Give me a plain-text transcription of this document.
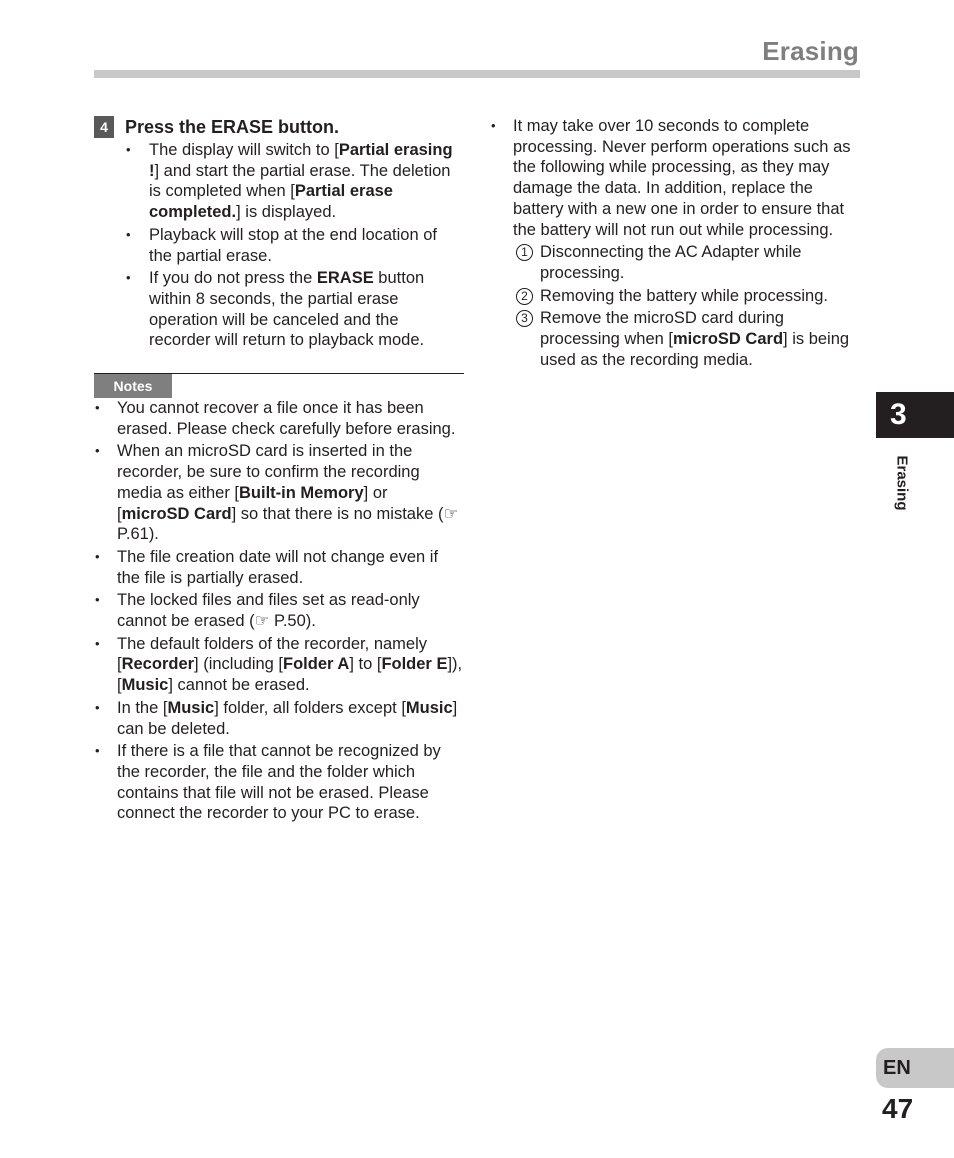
Erasing
4 Press the ERASE button.
• The display will switch to [Partial erasing !] and start the partial erase. The deletion is completed when [Partial erase completed.] is displayed.
• Playback will stop at the end location of the partial erase.
• If you do not press the ERASE button within 8 seconds, the partial erase operation will be canceled and the recorder will return to playback mode.
Notes
• You cannot recover a file once it has been erased. Please check carefully before erasing.
• When an microSD card is inserted in the recorder, be sure to confirm the recording media as either [Built-in Memory] or [microSD Card] so that there is no mistake (☞ P.61).
• The file creation date will not change even if the file is partially erased.
• The locked files and files set as read-only cannot be erased (☞ P.50).
• The default folders of the recorder, namely [Recorder] (including [Folder A] to [Folder E]), [Music] cannot be erased.
• In the [Music] folder, all folders except [Music] can be deleted.
• If there is a file that cannot be recognized by the recorder, the file and the folder which contains that file will not be erased. Please connect the recorder to your PC to erase.
• It may take over 10 seconds to complete processing. Never perform operations such as the following while processing, as they may damage the data. In addition, replace the battery with a new one in order to ensure that the battery will not run out while processing.
1 Disconnecting the AC Adapter while processing.
2 Removing the battery while processing.
3 Remove the microSD card during processing when [microSD Card] is being used as the recording media.
3
Erasing
EN
47
